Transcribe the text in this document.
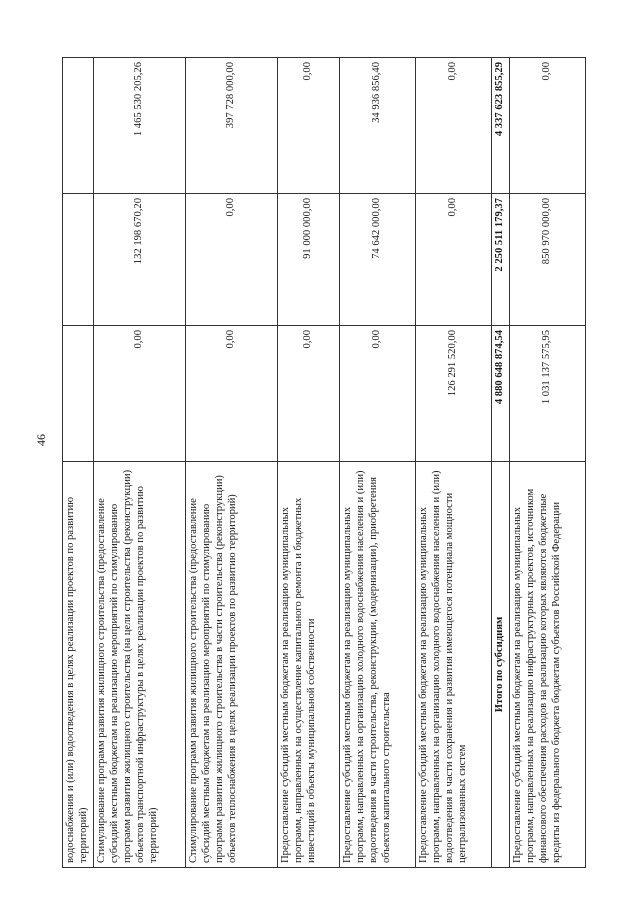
46
водоснабжения и (или) водоотведения в целях реализации проектов по развитию территорий)			
Стимулирование программ развития жилищного строительства (предоставление субсидий местным бюджетам на реализацию мероприятий по стимулированию программ развития жилищного строительства (на цели строительства (реконструкции) объектов транспортной инфраструктуры в целях реализации проектов по развитию территорий)	0,00	132 198 670,20	1 465 530 205,26
Стимулирование программ развития жилищного строительства (предоставление субсидий местным бюджетам на реализацию мероприятий по стимулированию программ развития жилищного строительства в части строительства (реконструкции) объектов теплоснабжения в целях реализации проектов по развитию территорий)	0,00	0,00	397 728 000,00
Предоставление субсидий местным бюджетам на реализацию муниципальных программ, направленных на осуществление капитального ремонта и бюджетных инвестиций в объекты муниципальной собственности	0,00	91 000 000,00	0,00
Предоставление субсидий местным бюджетам на реализацию муниципальных программ, направленных на организацию холодного водоснабжения населения и (или) водоотведения в части строительства, реконструкции, (модернизации), приобретения объектов капитального строительства	0,00	74 642 000,00	34 936 856,40
Предоставление субсидий местным бюджетам на реализацию муниципальных программ, направленных на организацию холодного водоснабжения населения и (или) водоотведения в части сохранения и развития имеющегося потенциала мощности централизованных систем	126 291 520,00	0,00	0,00
Итого по субсидиям	4 880 648 874,54	2 250 511 179,37	4 337 623 855,29
Предоставление субсидий местным бюджетам на реализацию муниципальных программ, направленных на реализацию инфраструктурных проектов, источником финансового обеспечения расходов на реализацию которых являются бюджетные кредиты из федерального бюджета бюджетам субъектов Российской Федерации	1 031 137 575,95	850 970 000,00	0,00
